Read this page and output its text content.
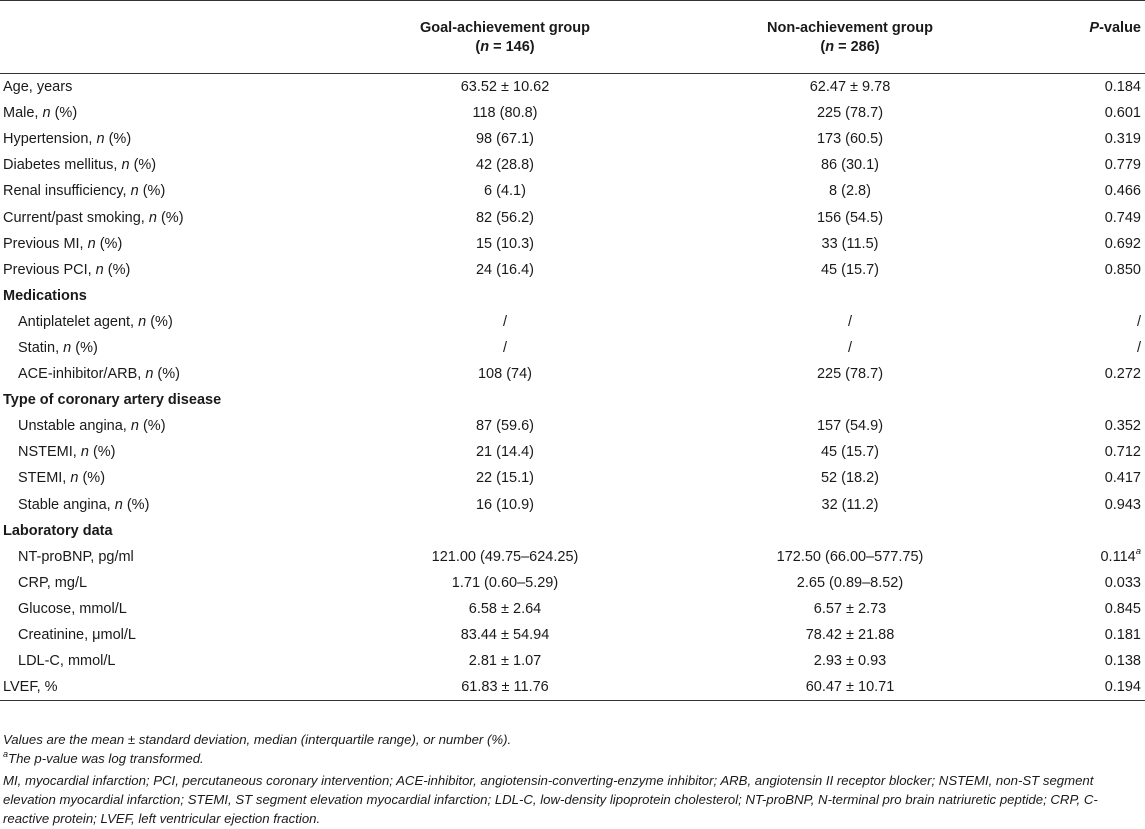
	Goal-achievement group	Non-achievement group	P-value
	(n = 146)	(n = 286)	
Age, years	63.52 ± 10.62	62.47 ± 9.78	0.184
Male, n (%)	118 (80.8)	225 (78.7)	0.601
Hypertension, n (%)	98 (67.1)	173 (60.5)	0.319
Diabetes mellitus, n (%)	42 (28.8)	86 (30.1)	0.779
Renal insufficiency, n (%)	6 (4.1)	8 (2.8)	0.466
Current/past smoking, n (%)	82 (56.2)	156 (54.5)	0.749
Previous MI, n (%)	15 (10.3)	33 (11.5)	0.692
Previous PCI, n (%)	24 (16.4)	45 (15.7)	0.850
Medications			
Antiplatelet agent, n (%)	/	/	/
Statin, n (%)	/	/	/
ACE-inhibitor/ARB, n (%)	108 (74)	225 (78.7)	0.272
Type of coronary artery disease			
Unstable angina, n (%)	87 (59.6)	157 (54.9)	0.352
NSTEMI, n (%)	21 (14.4)	45 (15.7)	0.712
STEMI, n (%)	22 (15.1)	52 (18.2)	0.417
Stable angina, n (%)	16 (10.9)	32 (11.2)	0.943
Laboratory data			
NT-proBNP, pg/ml	121.00 (49.75–624.25)	172.50 (66.00–577.75)	0.114$^a$
CRP, mg/L	1.71 (0.60–5.29)	2.65 (0.89–8.52)	0.033
Glucose, mmol/L	6.58 ± 2.64	6.57 ± 2.73	0.845
Creatinine, μmol/L	83.44 ± 54.94	78.42 ± 21.88	0.181
LDL-C, mmol/L	2.81 ± 1.07	2.93 ± 0.93	0.138
LVEF, %	61.83 ± 11.76	60.47 ± 10.71	0.194

Values are the mean ± standard deviation, median (interquartile range), or number (%).

$^a$The p-value was log transformed.

MI, myocardial infarction; PCI, percutaneous coronary intervention; ACE-inhibitor, angiotensin-converting-enzyme inhibitor; ARB, angiotensin II receptor blocker; NSTEMI, non-ST segment elevation myocardial infarction; STEMI, ST segment elevation myocardial infarction; LDL-C, low-density lipoprotein cholesterol; NT-proBNP, N-terminal pro brain natriuretic peptide; CRP, C-reactive protein; LVEF, left ventricular ejection fraction.
